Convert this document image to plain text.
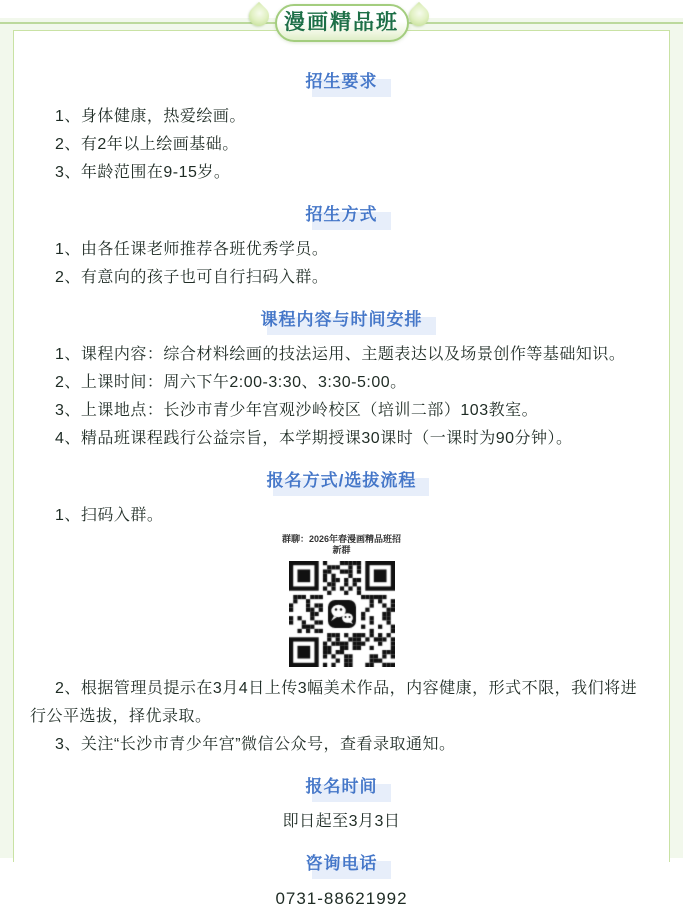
漫画精品班
招生要求

1、身体健康，热爱绘画。

2、有2年以上绘画基础。

3、年龄范围在9-15岁。

招生方式

1、由各任课老师推荐各班优秀学员。

2、有意向的孩子也可自行扫码入群。

课程内容与时间安排

1、课程内容：综合材料绘画的技法运用、主题表达以及场景创作等基础知识。

2、上课时间：周六下午2:00-3:30、3:30-5:00。

3、上课地点：长沙市青少年宫观沙岭校区（培训二部）103教室。

4、精品班课程践行公益宗旨，本学期授课30课时（一课时为90分钟）。

报名方式/选拔流程

1、扫码入群。

群聊：2026年春漫画精品班招
新群

2、根据管理员提示在3月4日上传3幅美术作品，内容健康，形式不限，我们将进行公平选拔，择优录取。

3、关注“长沙市青少年宫”微信公众号，查看录取通知。

报名时间

即日起至3月3日

咨询电话

0731-88621992
